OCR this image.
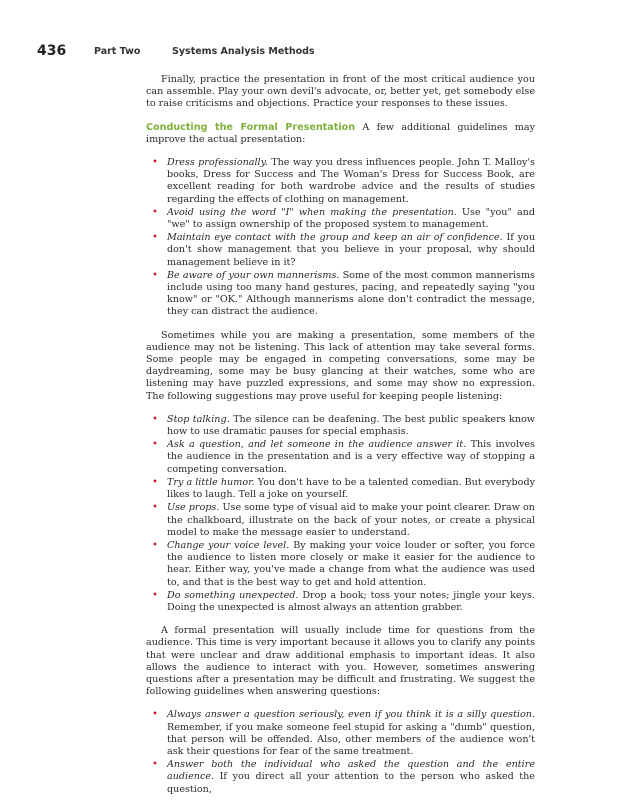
436	Part Two	Systems Analysis Methods

Finally, practice the presentation in front of the most critical audience you can assemble. Play your own devil's advocate, or, better yet, get somebody else to raise criticisms and objections. Practice your responses to these issues.

Conducting the Formal Presentation A few additional guidelines may improve the actual presentation:

• Dress professionally. The way you dress influences people. John T. Malloy's books, Dress for Success and The Woman's Dress for Success Book, are excellent reading for both wardrobe advice and the results of studies regarding the effects of clothing on management.
• Avoid using the word "I" when making the presentation. Use "you" and "we" to assign ownership of the proposed system to management.
• Maintain eye contact with the group and keep an air of confidence. If you don't show management that you believe in your proposal, why should management believe in it?
• Be aware of your own mannerisms. Some of the most common mannerisms include using too many hand gestures, pacing, and repeatedly saying "you know" or "OK." Although mannerisms alone don't contradict the message, they can distract the audience.

Sometimes while you are making a presentation, some members of the audience may not be listening. This lack of attention may take several forms. Some people may be engaged in competing conversations, some may be daydreaming, some may be busy glancing at their watches, some who are listening may have puzzled expressions, and some may show no expression. The following suggestions may prove useful for keeping people listening:

• Stop talking. The silence can be deafening. The best public speakers know how to use dramatic pauses for special emphasis.
• Ask a question, and let someone in the audience answer it. This involves the audience in the presentation and is a very effective way of stopping a competing conversation.
• Try a little humor. You don't have to be a talented comedian. But everybody likes to laugh. Tell a joke on yourself.
• Use props. Use some type of visual aid to make your point clearer. Draw on the chalkboard, illustrate on the back of your notes, or create a physical model to make the message easier to understand.
• Change your voice level. By making your voice louder or softer, you force the audience to listen more closely or make it easier for the audience to hear. Either way, you've made a change from what the audience was used to, and that is the best way to get and hold attention.
• Do something unexpected. Drop a book; toss your notes; jingle your keys. Doing the unexpected is almost always an attention grabber.

A formal presentation will usually include time for questions from the audience. This time is very important because it allows you to clarify any points that were unclear and draw additional emphasis to important ideas. It also allows the audience to interact with you. However, sometimes answering questions after a presentation may be difficult and frustrating. We suggest the following guidelines when answering questions:

• Always answer a question seriously, even if you think it is a silly question. Remember, if you make someone feel stupid for asking a "dumb" question, that person will be offended. Also, other members of the audience won't ask their questions for fear of the same treatment.
• Answer both the individual who asked the question and the entire audience. If you direct all your attention to the person who asked the question,
